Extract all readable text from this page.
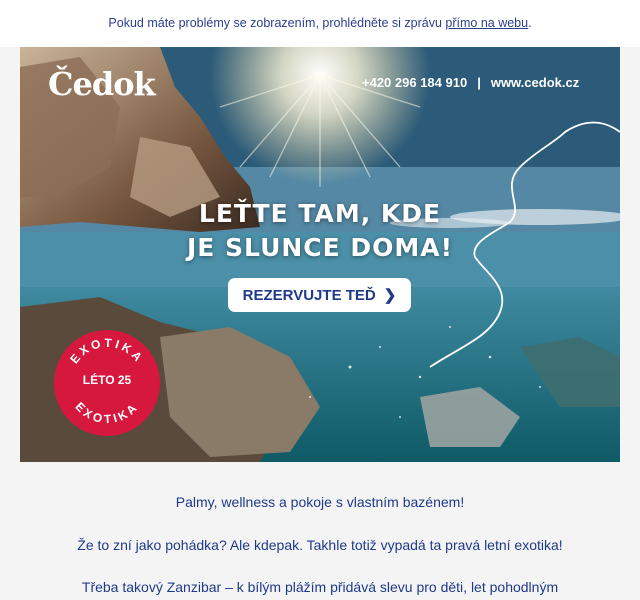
Pokud máte problémy se zobrazením, prohlédněte si zprávu přímo na webu.
Čedok	+420 296 184 910 | www.cedok.cz
LEŤTE TAM, KDE
JE SLUNCE DOMA!
REZERVUJTE TEĎ ❯
EXOTIKA
EXOTIKA
LÉTO 25

Palmy, wellness a pokoje s vlastním bazénem!

Že to zní jako pohádka? Ale kdepak. Takhle totiž vypadá ta pravá letní exotika!

Třeba takový Zanzibar – k bílým plážím přidává slevu pro děti, let pohodlným
